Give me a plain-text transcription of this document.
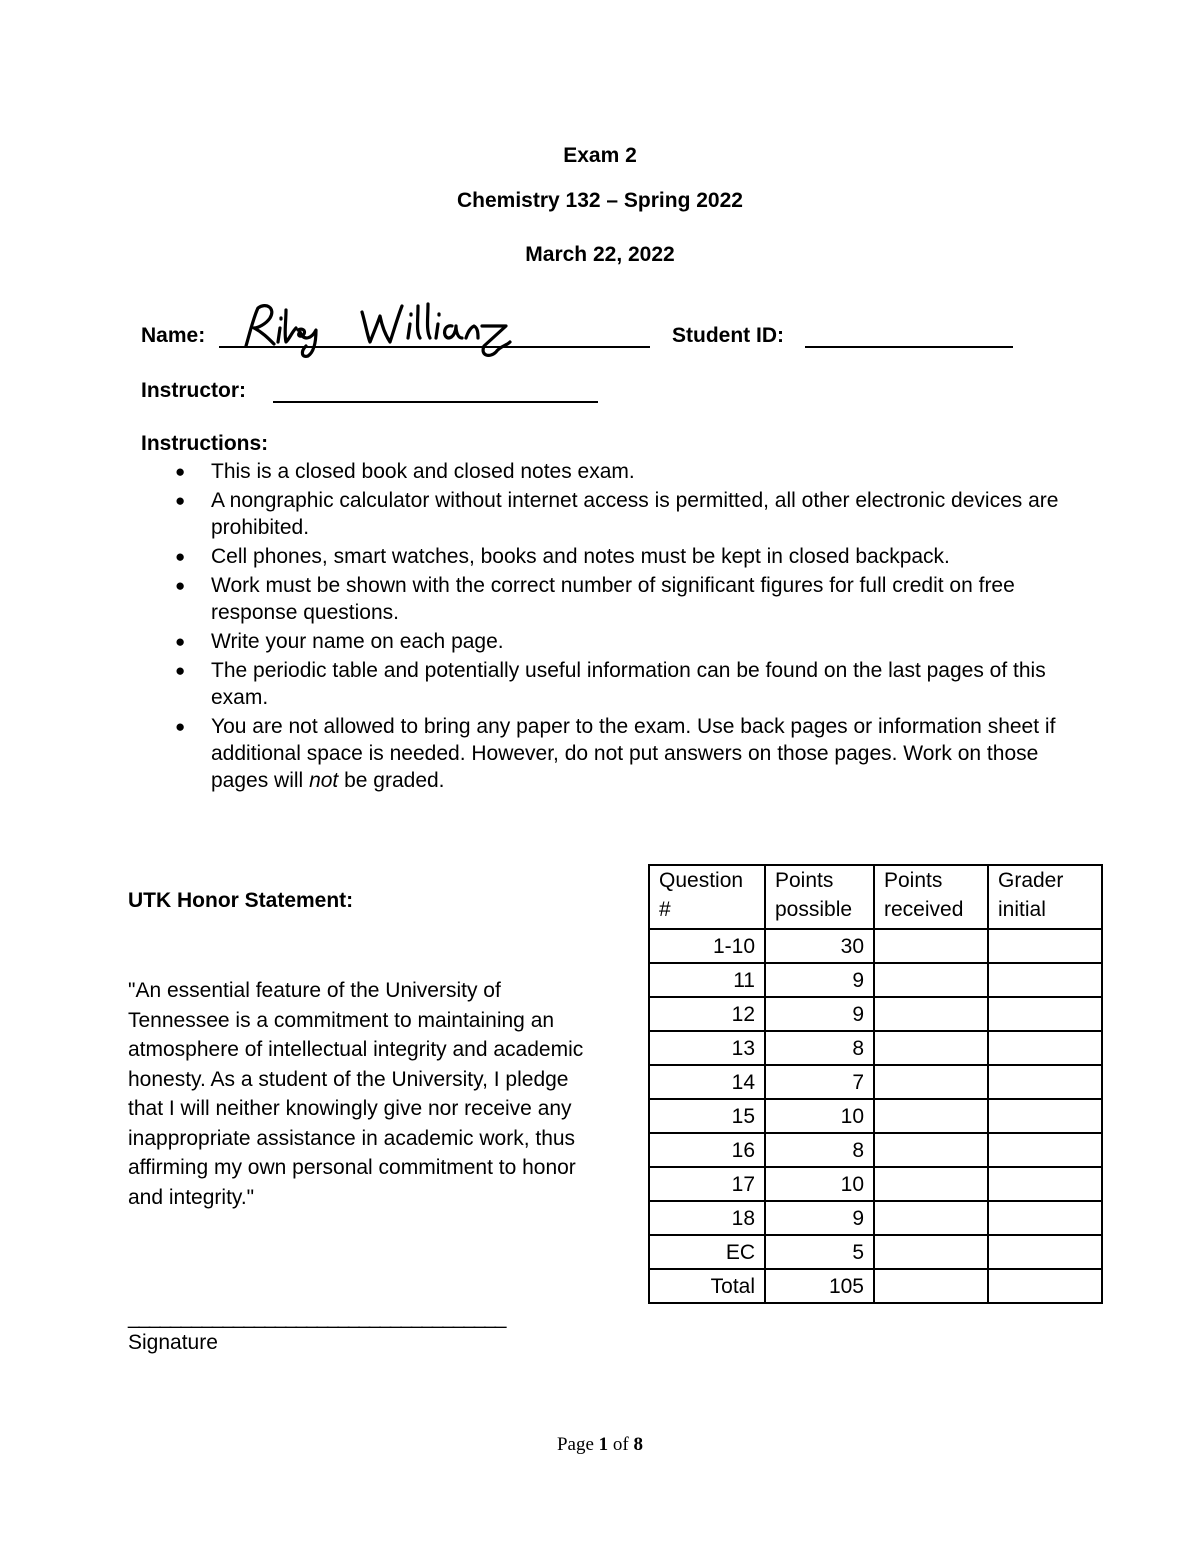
Exam 2
Chemistry 132 – Spring 2022
March 22, 2022
Name:	Student ID:
Instructor:
Instructions:
● This is a closed book and closed notes exam.
● A nongraphic calculator without internet access is permitted, all other electronic devices are prohibited.
● Cell phones, smart watches, books and notes must be kept in closed backpack.
● Work must be shown with the correct number of significant figures for full credit on free response questions.
● Write your name on each page.
● The periodic table and potentially useful information can be found on the last pages of this exam.
● You are not allowed to bring any paper to the exam. Use back pages or information sheet if additional space is needed. However, do not put answers on those pages. Work on those pages will not be graded.
UTK Honor Statement:
"An essential feature of the University of Tennessee is a commitment to maintaining an atmosphere of intellectual integrity and academic honesty. As a student of the University, I pledge that I will neither knowingly give nor receive any inappropriate assistance in academic work, thus affirming my own personal commitment to honor and integrity."
____________________________________
Signature
Question #	Points possible	Points received	Grader initial
1-10	30		
11	9		
12	9		
13	8		
14	7		
15	10		
16	8		
17	10		
18	9		
EC	5		
Total	105		
Page 1 of 8
